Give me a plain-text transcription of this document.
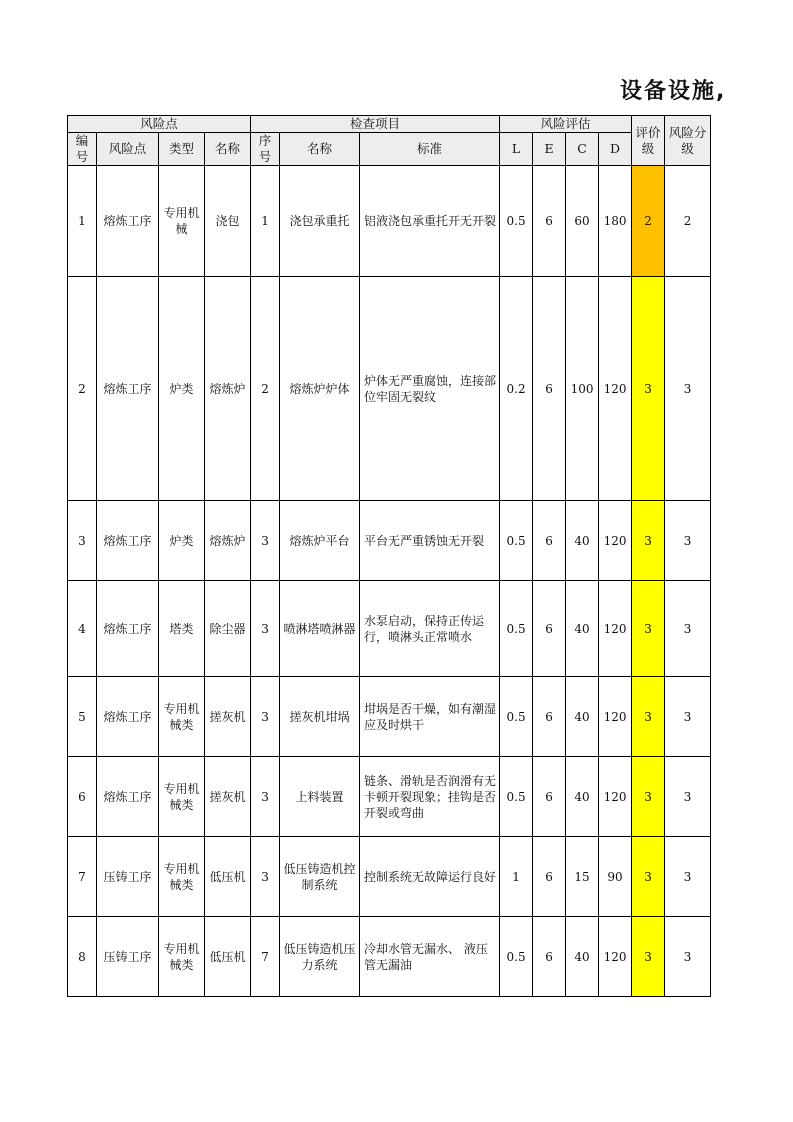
设备设施,
风险点				检查项目			风险评估				评价级	风险分级
编号	风险点	类型	名称	序号	名称	标准	L	E	C	D		
1	熔炼工序	专用机械	浇包	1	浇包承重托	铝液浇包承重托开无开裂	0.5	6	60	180	2	2
2	熔炼工序	炉类	熔炼炉	2	熔炼炉炉体	炉体无严重腐蚀，连接部位牢固无裂纹	0.2	6	100	120	3	3
3	熔炼工序	炉类	熔炼炉	3	熔炼炉平台	平台无严重锈蚀无开裂	0.5	6	40	120	3	3
4	熔炼工序	塔类	除尘器	3	喷淋塔喷淋器	水泵启动，保持正传运行，喷淋头正常喷水	0.5	6	40	120	3	3
5	熔炼工序	专用机械类	搓灰机	3	搓灰机坩埚	坩埚是否干燥，如有潮湿应及时烘干	0.5	6	40	120	3	3
6	熔炼工序	专用机械类	搓灰机	3	上料装置	链条、滑轨是否润滑有无卡顿开裂现象；挂钩是否开裂或弯曲	0.5	6	40	120	3	3
7	压铸工序	专用机械类	低压机	3	低压铸造机控制系统	控制系统无故障运行良好	1	6	15	90	3	3
8	压铸工序	专用机械类	低压机	7	低压铸造机压力系统	冷却水管无漏水、 液压管无漏油	0.5	6	40	120	3	3
